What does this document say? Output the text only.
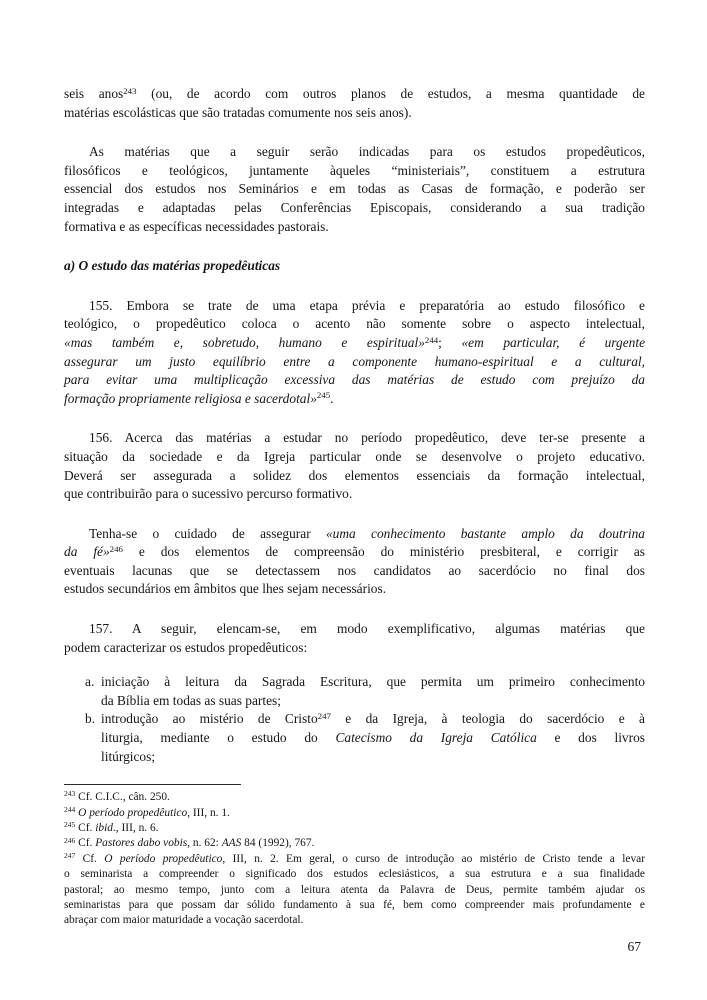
seis anos$^{243}$ (ou, de acordo com outros planos de estudos, a mesma quantidade de
matérias escolásticas que são tratadas comumente nos seis anos).
As matérias que a seguir serão indicadas para os estudos propedêuticos,
filosóficos e teológicos, juntamente àqueles “ministeriais”, constituem a estrutura
essencial dos estudos nos Seminários e em todas as Casas de formação, e poderão ser
integradas e adaptadas pelas Conferências Episcopais, considerando a sua tradição
formativa e as específicas necessidades pastorais.
a) O estudo das matérias propedêuticas
155. Embora se trate de uma etapa prévia e preparatória ao estudo filosófico e
teológico, o propedêutico coloca o acento não somente sobre o aspecto intelectual,
«mas também e, sobretudo, humano e espiritual»$^{244}$; «em particular, é urgente
assegurar um justo equilíbrio entre a componente humano-espiritual e a cultural,
para evitar uma multiplicação excessiva das matérias de estudo com prejuízo da
formação propriamente religiosa e sacerdotal»$^{245}$.
156. Acerca das matérias a estudar no período propedêutico, deve ter-se presente a
situação da sociedade e da Igreja particular onde se desenvolve o projeto educativo.
Deverá ser assegurada a solidez dos elementos essenciais da formação intelectual,
que contribuirão para o sucessivo percurso formativo.
Tenha-se o cuidado de assegurar «uma conhecimento bastante amplo da doutrina
da fé»$^{246}$ e dos elementos de compreensão do ministério presbiteral, e corrigir as
eventuais lacunas que se detectassem nos candidatos ao sacerdócio no final dos
estudos secundários em âmbitos que lhes sejam necessários.
157. A seguir, elencam-se, em modo exemplificativo, algumas matérias que
podem caracterizar os estudos propedêuticos:
a. iniciação à leitura da Sagrada Escritura, que permita um primeiro conhecimento
da Bíblia em todas as suas partes;
b. introdução ao mistério de Cristo$^{247}$ e da Igreja, à teologia do sacerdócio e à
liturgia, mediante o estudo do Catecismo da Igreja Católica e dos livros
litúrgicos;
$^{243}$ Cf. C.I.C., cân. 250.
$^{244}$ O período propedêutico, III, n. 1.
$^{245}$ Cf. ibid., III, n. 6.
$^{246}$ Cf. Pastores dabo vobis, n. 62: AAS 84 (1992), 767.
$^{247}$ Cf. O período propedêutico, III, n. 2. Em geral, o curso de introdução ao mistério de Cristo tende a levar
o seminarista a compreender o significado dos estudos eclesiásticos, a sua estrutura e a sua finalidade
pastoral; ao mesmo tempo, junto com a leitura atenta da Palavra de Deus, permite também ajudar os
seminaristas para que possam dar sólido fundamento à sua fé, bem como compreender mais profundamente e
abraçar com maior maturidade a vocação sacerdotal.
67
